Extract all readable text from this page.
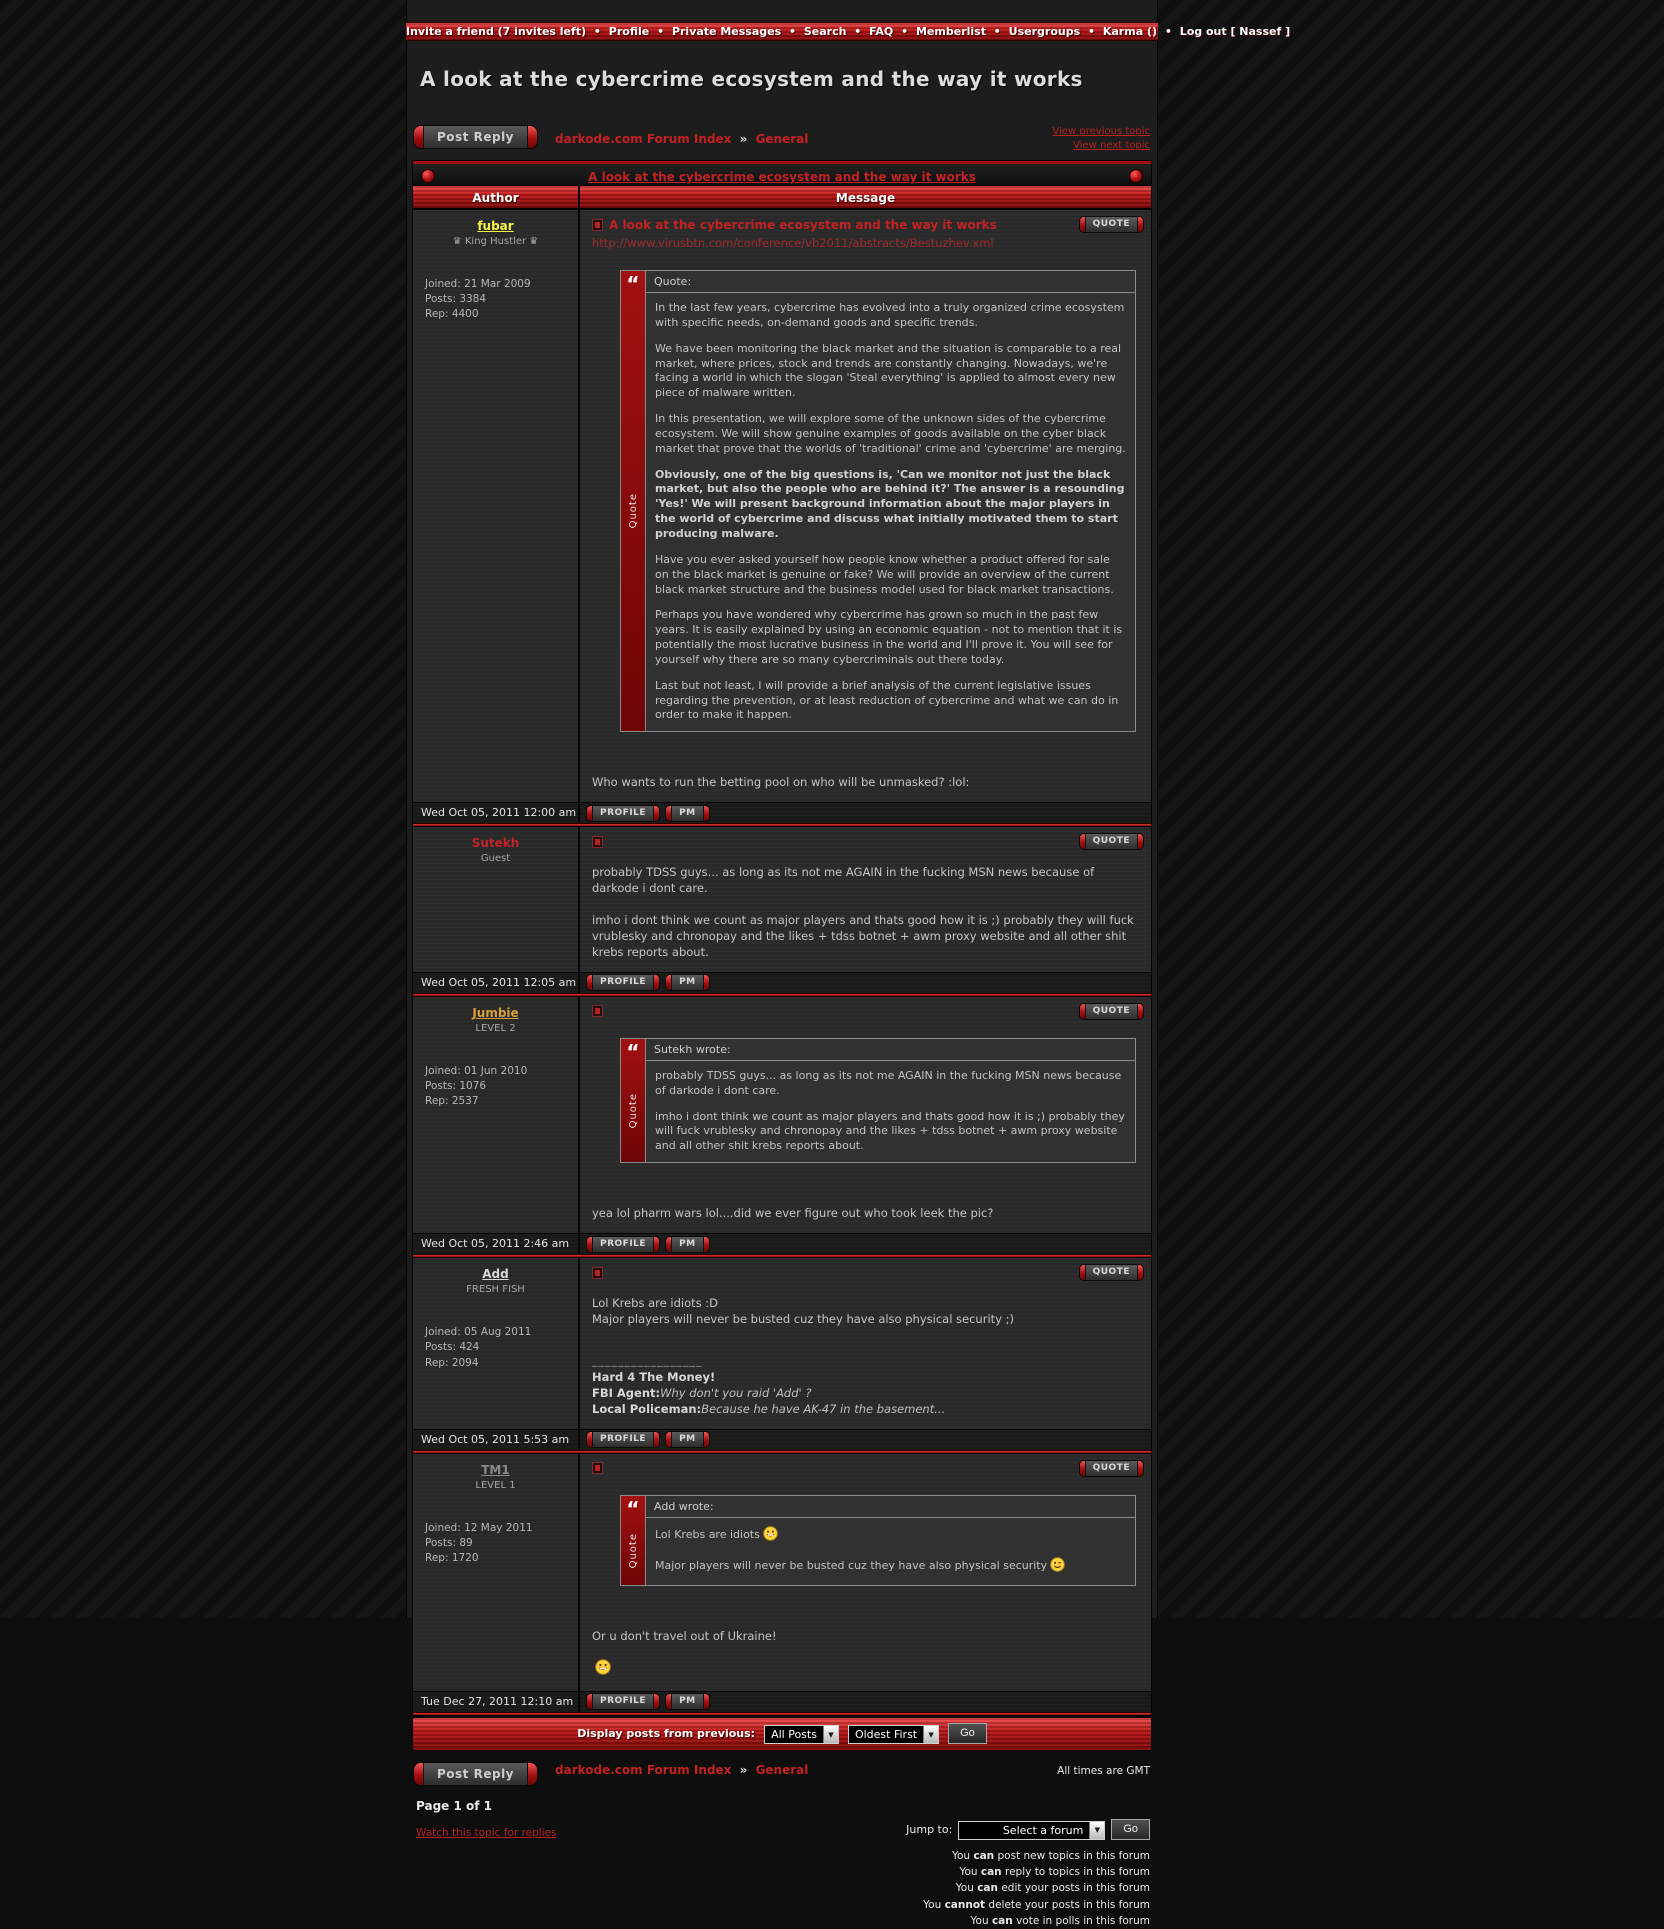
Invite a friend (7 invites left) • Profile • Private Messages • Search • FAQ • Memberlist • Usergroups • Karma () • Log out [ Nassef ]
A look at the cybercrime ecosystem and the way it works
Post Reply	darkode.com Forum Index » General	View previous topic
View next topic
A look at the cybercrime ecosystem and the way it works
Author	Message
fubar
♛ King Hustler ♛
Joined: 21 Mar 2009
Posts: 3384
Rep: 4400
QUOTE
A look at the cybercrime ecosystem and the way it works
http://www.virusbtn.com/conference/vb2011/abstracts/Bestuzhev.xml
“
Quote
Quote:
In the last few years, cybercrime has evolved into a truly organized crime ecosystem with specific needs, on-demand goods and specific trends.
We have been monitoring the black market and the situation is comparable to a real market, where prices, stock and trends are constantly changing. Nowadays, we're facing a world in which the slogan 'Steal everything' is applied to almost every new piece of malware written.
In this presentation, we will explore some of the unknown sides of the cybercrime ecosystem. We will show genuine examples of goods available on the cyber black market that prove that the worlds of 'traditional' crime and 'cybercrime' are merging.
Obviously, one of the big questions is, 'Can we monitor not just the black market, but also the people who are behind it?' The answer is a resounding 'Yes!' We will present background information about the major players in the world of cybercrime and discuss what initially motivated them to start producing malware.
Have you ever asked yourself how people know whether a product offered for sale on the black market is genuine or fake? We will provide an overview of the current black market structure and the business model used for black market transactions.
Perhaps you have wondered why cybercrime has grown so much in the past few years. It is easily explained by using an economic equation - not to mention that it is potentially the most lucrative business in the world and I'll prove it. You will see for yourself why there are so many cybercriminals out there today.
Last but not least, I will provide a brief analysis of the current legislative issues regarding the prevention, or at least reduction of cybercrime and what we can do in order to make it happen.
Who wants to run the betting pool on who will be unmasked? :lol:
Wed Oct 05, 2011 12:00 am	PROFILE	PM
Sutekh
Guest
QUOTE
probably TDSS guys... as long as its not me AGAIN in the fucking MSN news because of darkode i dont care.
imho i dont think we count as major players and thats good how it is ;) probably they will fuck vrublesky and chronopay and the likes + tdss botnet + awm proxy website and all other shit krebs reports about.
Wed Oct 05, 2011 12:05 am	PROFILE	PM
Jumbie
LEVEL 2
Joined: 01 Jun 2010
Posts: 1076
Rep: 2537
QUOTE
“
Quote
Sutekh wrote:
probably TDSS guys... as long as its not me AGAIN in the fucking MSN news because of darkode i dont care.
imho i dont think we count as major players and thats good how it is ;) probably they will fuck vrublesky and chronopay and the likes + tdss botnet + awm proxy website and all other shit krebs reports about.
yea lol pharm wars lol....did we ever figure out who took leek the pic?
Wed Oct 05, 2011 2:46 am	PROFILE	PM
Add
FRESH FISH
Joined: 05 Aug 2011
Posts: 424
Rep: 2094
QUOTE
Lol Krebs are idiots :D
Major players will never be busted cuz they have also physical security ;)
_________________
Hard 4 The Money!
FBI Agent:Why don't you raid 'Add' ?
Local Policeman:Because he have AK-47 in the basement...
Wed Oct 05, 2011 5:53 am	PROFILE	PM
TM1
LEVEL 1
Joined: 12 May 2011
Posts: 89
Rep: 1720
QUOTE
“
Quote
Add wrote:
Lol Krebs are idiots
Major players will never be busted cuz they have also physical security
Or u don't travel out of Ukraine!
Tue Dec 27, 2011 12:10 am	PROFILE	PM
Display posts from previous:	All Posts	▼	Oldest First	▼	Go
Post Reply	darkode.com Forum Index » General	All times are GMT
Page 1 of 1
Watch this topic for replies	Jump to:	Select a forum	▼	Go
You can post new topics in this forum
You can reply to topics in this forum
You can edit your posts in this forum
You cannot delete your posts in this forum
You can vote in polls in this forum
